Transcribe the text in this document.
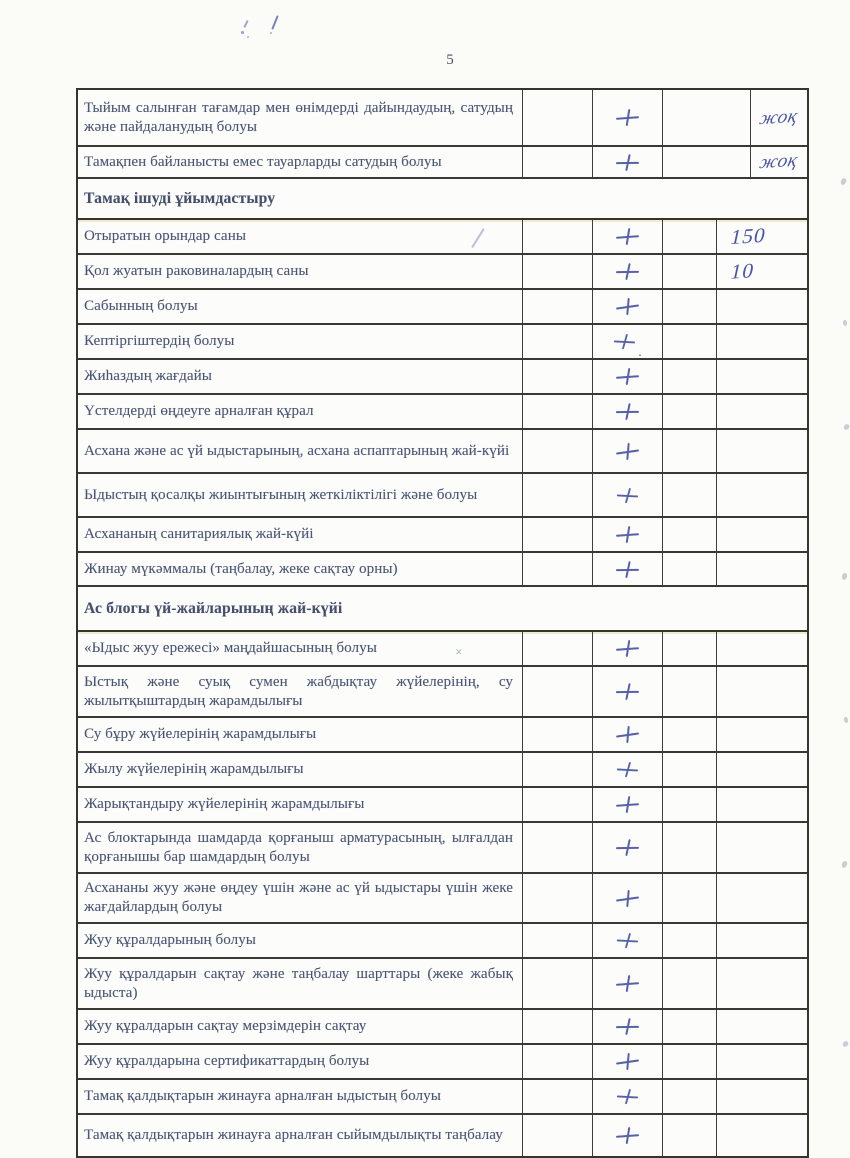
5
Тыйым салынған тағамдар мен өнімдерді дайындаудың, сатудың және пайдаланудың болуы	жоқ
Тамақпен байланысты емес тауарларды сатудың болуы	жоқ
Тамақ ішуді ұйымдастыру
Отыратын орындар саны	150
Қол жуатын раковиналардың саны	10
Сабынның болуы
Кептіргіштердің болуы
.
Жиһаздың жағдайы
Үстелдерді өңдеуге арналған құрал
Асхана және ас үй ыдыстарының, асхана аспаптарының жай-күйі
Ыдыстың қосалқы жиынтығының жеткіліктілігі және болуы
Асхананың санитариялық жай-күйі
Жинау мүкәммалы (таңбалау, жеке сақтау орны)
Ас блогы үй-жайларының жай-күйі
«Ыдыс жуу ережесі» маңдайшасының болуы
Ыстық және суық сумен жабдықтау жүйелерінің, су жылытқыштардың жарамдылығы
Су бұру жүйелерінің жарамдылығы
Жылу жүйелерінің жарамдылығы
Жарықтандыру жүйелерінің жарамдылығы
Ас блоктарында шамдарда қорғаныш арматурасының, ылғалдан қорғанышы бар шамдардың болуы
Асхананы жуу және өңдеу үшін және ас үй ыдыстары үшін жеке жағдайлардың болуы
Жуу құралдарының болуы
Жуу құралдарын сақтау және таңбалау шарттары (жеке жабық ыдыста)
Жуу құралдарын сақтау мерзімдерін сақтау
Жуу құралдарына сертификаттардың болуы
Тамақ қалдықтарын жинауға арналған ыдыстың болуы
Тамақ қалдықтарын жинауға арналған сыйымдылықты таңбалау
✕
